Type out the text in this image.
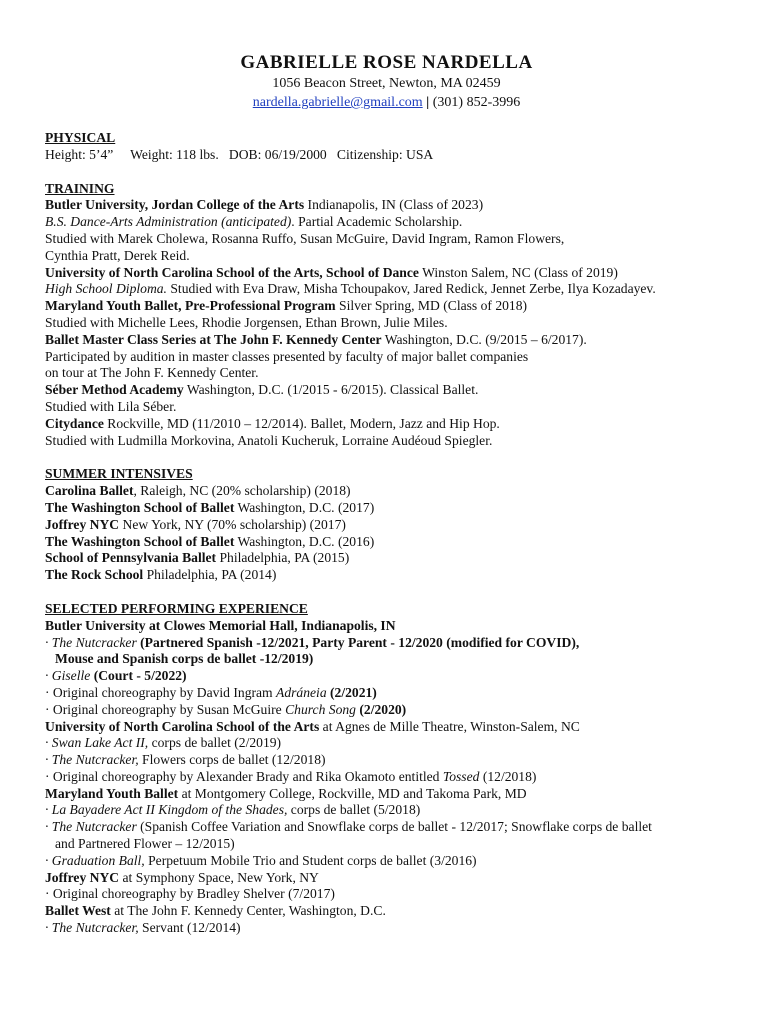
GABRIELLE ROSE NARDELLA
1056 Beacon Street, Newton, MA 02459
nardella.gabrielle@gmail.com | (301) 852-3996
PHYSICAL
Height: 5’4”     Weight: 118 lbs.   DOB: 06/19/2000   Citizenship: USA
TRAINING
Butler University, Jordan College of the Arts Indianapolis, IN (Class of 2023)
B.S. Dance-Arts Administration (anticipated). Partial Academic Scholarship.
Studied with Marek Cholewa, Rosanna Ruffo, Susan McGuire, David Ingram, Ramon Flowers,
Cynthia Pratt, Derek Reid.
University of North Carolina School of the Arts, School of Dance Winston Salem, NC (Class of 2019)
High School Diploma. Studied with Eva Draw, Misha Tchoupakov, Jared Redick, Jennet Zerbe, Ilya Kozadayev.
Maryland Youth Ballet, Pre-Professional Program Silver Spring, MD (Class of 2018)
Studied with Michelle Lees, Rhodie Jorgensen, Ethan Brown, Julie Miles.
Ballet Master Class Series at The John F. Kennedy Center Washington, D.C. (9/2015 – 6/2017).
Participated by audition in master classes presented by faculty of major ballet companies
on tour at The John F. Kennedy Center.
Séber Method Academy Washington, D.C. (1/2015 - 6/2015). Classical Ballet.
Studied with Lila Séber.
Citydance Rockville, MD (11/2010 – 12/2014). Ballet, Modern, Jazz and Hip Hop.
Studied with Ludmilla Morkovina, Anatoli Kucheruk, Lorraine Audéoud Spiegler.
SUMMER INTENSIVES
Carolina Ballet, Raleigh, NC (20% scholarship) (2018)
The Washington School of Ballet Washington, D.C. (2017)
Joffrey NYC New York, NY (70% scholarship) (2017)
The Washington School of Ballet Washington, D.C. (2016)
School of Pennsylvania Ballet Philadelphia, PA (2015)
The Rock School Philadelphia, PA (2014)
SELECTED PERFORMING EXPERIENCE
Butler University at Clowes Memorial Hall, Indianapolis, IN
· The Nutcracker (Partnered Spanish -12/2021, Party Parent - 12/2020 (modified for COVID),
Mouse and Spanish corps de ballet -12/2019)
· Giselle (Court - 5/2022)
· Original choreography by David Ingram Adráneia (2/2021)
· Original choreography by Susan McGuire Church Song (2/2020)
University of North Carolina School of the Arts at Agnes de Mille Theatre, Winston-Salem, NC
· Swan Lake Act II, corps de ballet (2/2019)
· The Nutcracker, Flowers corps de ballet (12/2018)
· Original choreography by Alexander Brady and Rika Okamoto entitled Tossed (12/2018)
Maryland Youth Ballet at Montgomery College, Rockville, MD and Takoma Park, MD
· La Bayadere Act II Kingdom of the Shades, corps de ballet (5/2018)
· The Nutcracker (Spanish Coffee Variation and Snowflake corps de ballet - 12/2017; Snowflake corps de ballet
and Partnered Flower – 12/2015)
· Graduation Ball, Perpetuum Mobile Trio and Student corps de ballet (3/2016)
Joffrey NYC at Symphony Space, New York, NY
· Original choreography by Bradley Shelver (7/2017)
Ballet West at The John F. Kennedy Center, Washington, D.C.
· The Nutcracker, Servant (12/2014)
